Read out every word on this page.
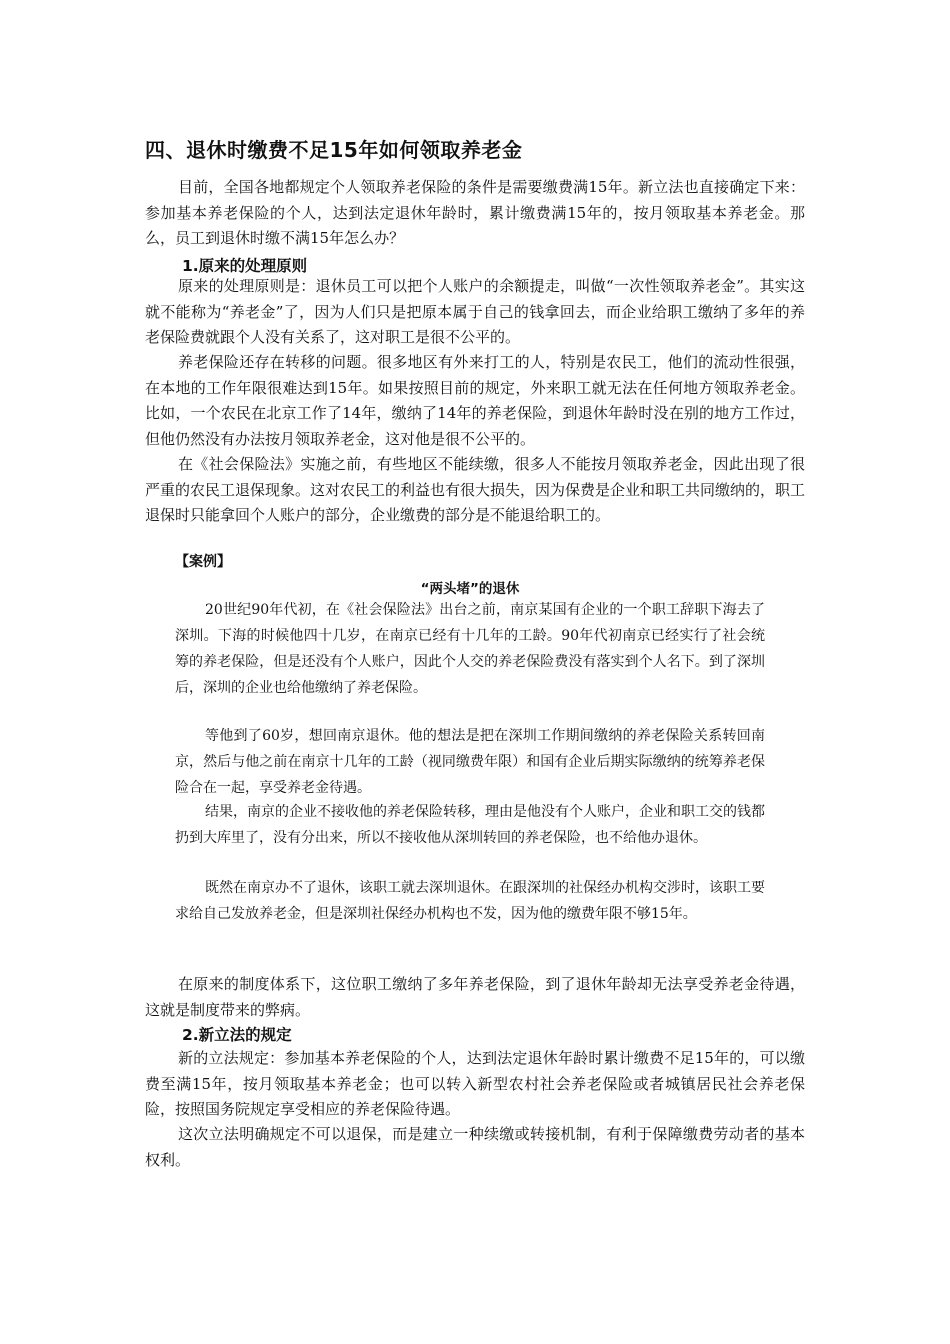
四、退休时缴费不足15年如何领取养老金

目前，全国各地都规定个人领取养老保险的条件是需要缴费满15年。新立法也直接确定下来：参加基本养老保险的个人，达到法定退休年龄时，累计缴费满15年的，按月领取基本养老金。那么，员工到退休时缴不满15年怎么办？

1.原来的处理原则

原来的处理原则是：退休员工可以把个人账户的余额提走，叫做“一次性领取养老金”。其实这就不能称为“养老金”了，因为人们只是把原本属于自己的钱拿回去，而企业给职工缴纳了多年的养老保险费就跟个人没有关系了，这对职工是很不公平的。

养老保险还存在转移的问题。很多地区有外来打工的人，特别是农民工，他们的流动性很强，在本地的工作年限很难达到15年。如果按照目前的规定，外来职工就无法在任何地方领取养老金。比如，一个农民在北京工作了14年，缴纳了14年的养老保险，到退休年龄时没在别的地方工作过，但他仍然没有办法按月领取养老金，这对他是很不公平的。

在《社会保险法》实施之前，有些地区不能续缴，很多人不能按月领取养老金，因此出现了很严重的农民工退保现象。这对农民工的利益也有很大损失，因为保费是企业和职工共同缴纳的，职工退保时只能拿回个人账户的部分，企业缴费的部分是不能退给职工的。

【案例】
“两头堵”的退休

20世纪90年代初，在《社会保险法》出台之前，南京某国有企业的一个职工辞职下海去了深圳。下海的时候他四十几岁，在南京已经有十几年的工龄。90年代初南京已经实行了社会统筹的养老保险，但是还没有个人账户，因此个人交的养老保险费没有落实到个人名下。到了深圳后，深圳的企业也给他缴纳了养老保险。

等他到了60岁，想回南京退休。他的想法是把在深圳工作期间缴纳的养老保险关系转回南京，然后与他之前在南京十几年的工龄（视同缴费年限）和国有企业后期实际缴纳的统筹养老保险合在一起，享受养老金待遇。

结果，南京的企业不接收他的养老保险转移，理由是他没有个人账户，企业和职工交的钱都扔到大库里了，没有分出来，所以不接收他从深圳转回的养老保险，也不给他办退休。

既然在南京办不了退休，该职工就去深圳退休。在跟深圳的社保经办机构交涉时，该职工要求给自己发放养老金，但是深圳社保经办机构也不发，因为他的缴费年限不够15年。

在原来的制度体系下，这位职工缴纳了多年养老保险，到了退休年龄却无法享受养老金待遇，这就是制度带来的弊病。

2.新立法的规定

新的立法规定：参加基本养老保险的个人，达到法定退休年龄时累计缴费不足15年的，可以缴费至满15年，按月领取基本养老金；也可以转入新型农村社会养老保险或者城镇居民社会养老保险，按照国务院规定享受相应的养老保险待遇。

这次立法明确规定不可以退保，而是建立一种续缴或转接机制，有利于保障缴费劳动者的基本权利。
